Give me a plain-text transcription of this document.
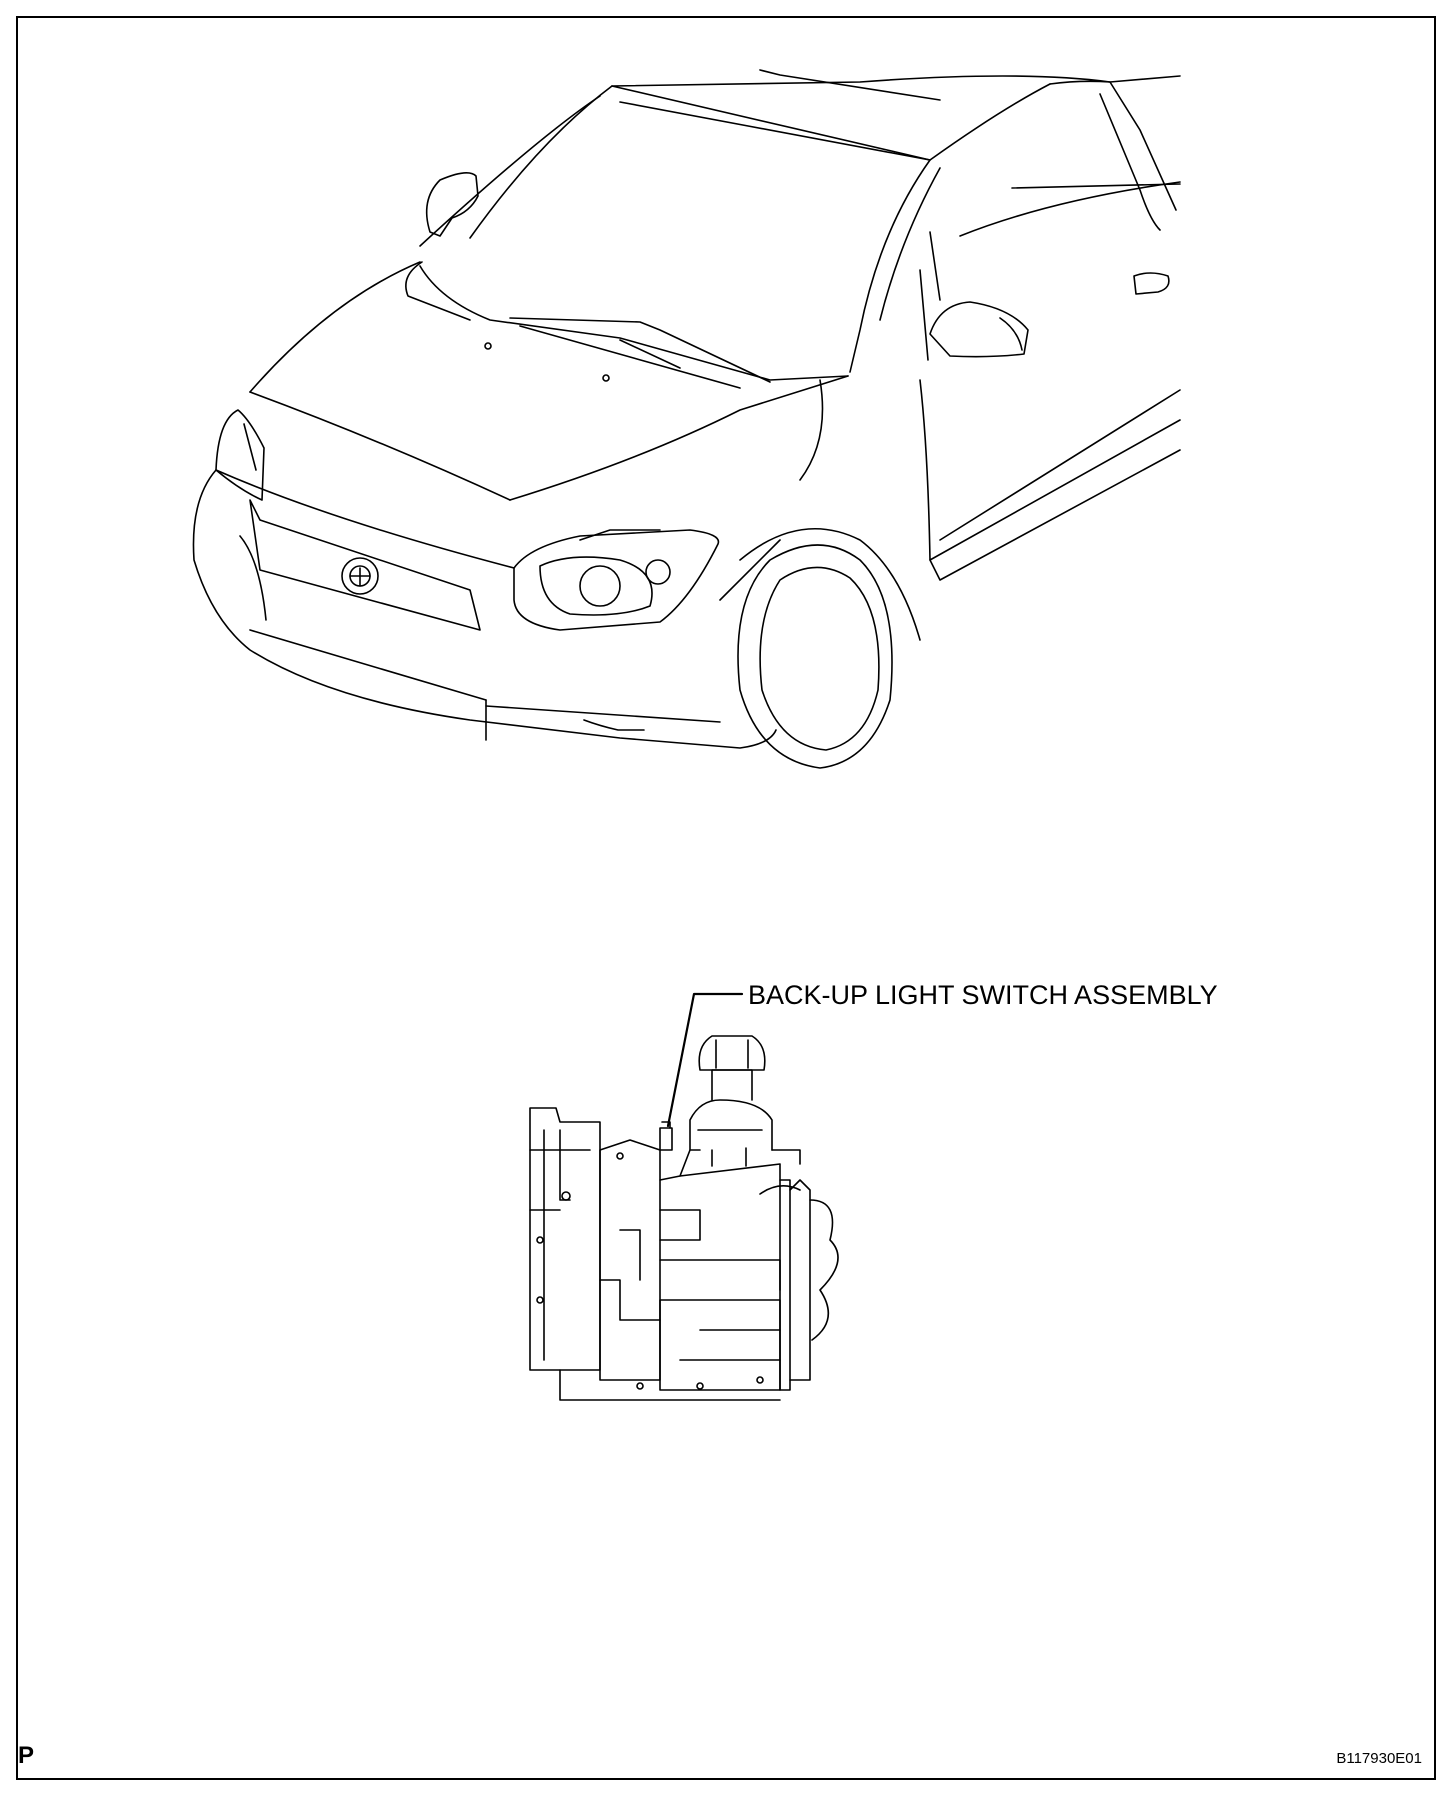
BACK-UP LIGHT SWITCH ASSEMBLY
P	B117930E01
